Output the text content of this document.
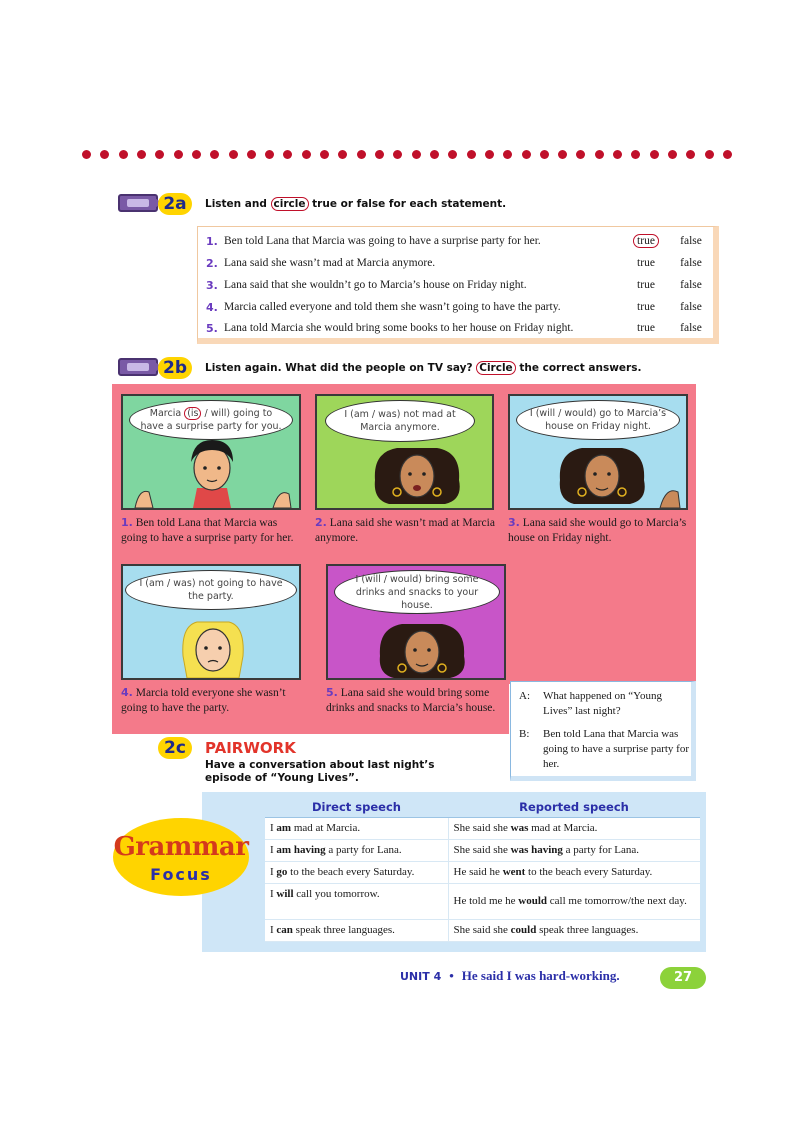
2a	Listen and circle true or false for each statement.
1. Ben told Lana that Marcia was going to have a surprise party for her.	true	false
2. Lana said she wasn’t mad at Marcia anymore.	true	false
3. Lana said that she wouldn’t go to Marcia’s house on Friday night.	true	false
4. Marcia called everyone and told them she wasn’t going to have the party.	true	false
5. Lana told Marcia she would bring some books to her house on Friday night.	true	false
2b	Listen again. What did the people on TV say? Circle the correct answers.
Marcia (is / will) going to have a surprise party for you.
1. Ben told Lana that Marcia was going to have a surprise party for her.
I (am / was) not mad at Marcia anymore.
2. Lana said she wasn’t mad at Marcia anymore.
I (will / would) go to Marcia’s house on Friday night.
3. Lana said she would go to Marcia’s house on Friday night.
I (am / was) not going to have the party.
4. Marcia told everyone she wasn’t going to have the party.
I (will / would) bring some drinks and snacks to your house.
5. Lana said she would bring some drinks and snacks to Marcia’s house.
A:	What happened on “Young Lives” last night?
B:	Ben told Lana that Marcia was going to have a surprise party for her.
2c	PAIRWORK
Have a conversation about last night’s episode of “Young Lives”.
Grammar
Focus
Direct speech	Reported speech
I am mad at Marcia.	She said she was mad at Marcia.
I am having a party for Lana.	She said she was having a party for Lana.
I go to the beach every Saturday.	He said he went to the beach every Saturday.
I will call you tomorrow.	He told me he would call me tomorrow/the next day.
I can speak three languages.	She said she could speak three languages.
UNIT 4 • He said I was hard-working.	27
